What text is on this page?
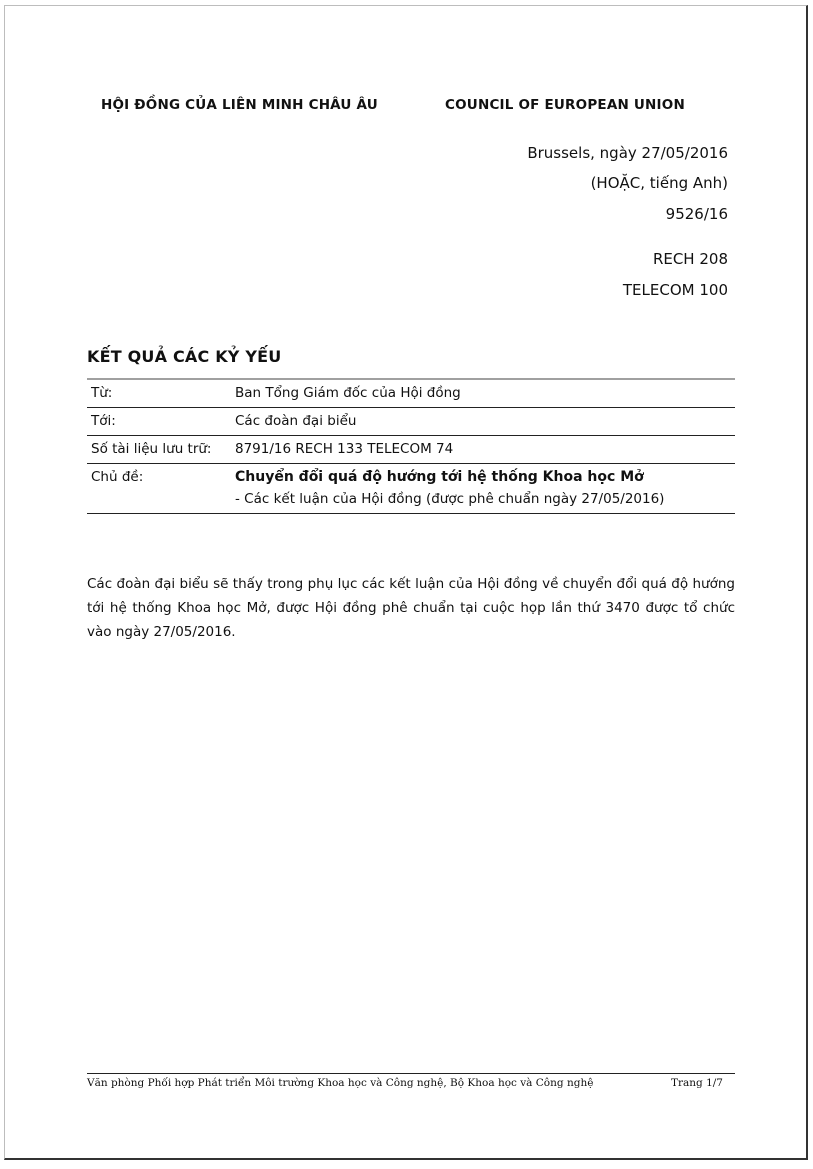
HỘI ĐỒNG CỦA LIÊN MINH CHÂU ÂU	COUNCIL OF EUROPEAN UNION
Brussels, ngày 27/05/2016
(HOẶC, tiếng Anh)
9526/16
RECH 208
TELECOM 100
KẾT QUẢ CÁC KỶ YẾU
Từ:	Ban Tổng Giám đốc của Hội đồng
Tới:	Các đoàn đại biểu
Số tài liệu lưu trữ:	8791/16 RECH 133 TELECOM 74
Chủ đề:	Chuyển đổi quá độ hướng tới hệ thống Khoa học Mở
- Các kết luận của Hội đồng (được phê chuẩn ngày 27/05/2016)
Các đoàn đại biểu sẽ thấy trong phụ lục các kết luận của Hội đồng về chuyển đổi quá độ hướng tới hệ thống Khoa học Mở, được Hội đồng phê chuẩn tại cuộc họp lần thứ 3470 được tổ chức vào ngày 27/05/2016.
Văn phòng Phối hợp Phát triển Môi trường Khoa học và Công nghệ, Bộ Khoa học và Công nghệ	Trang 1/7
